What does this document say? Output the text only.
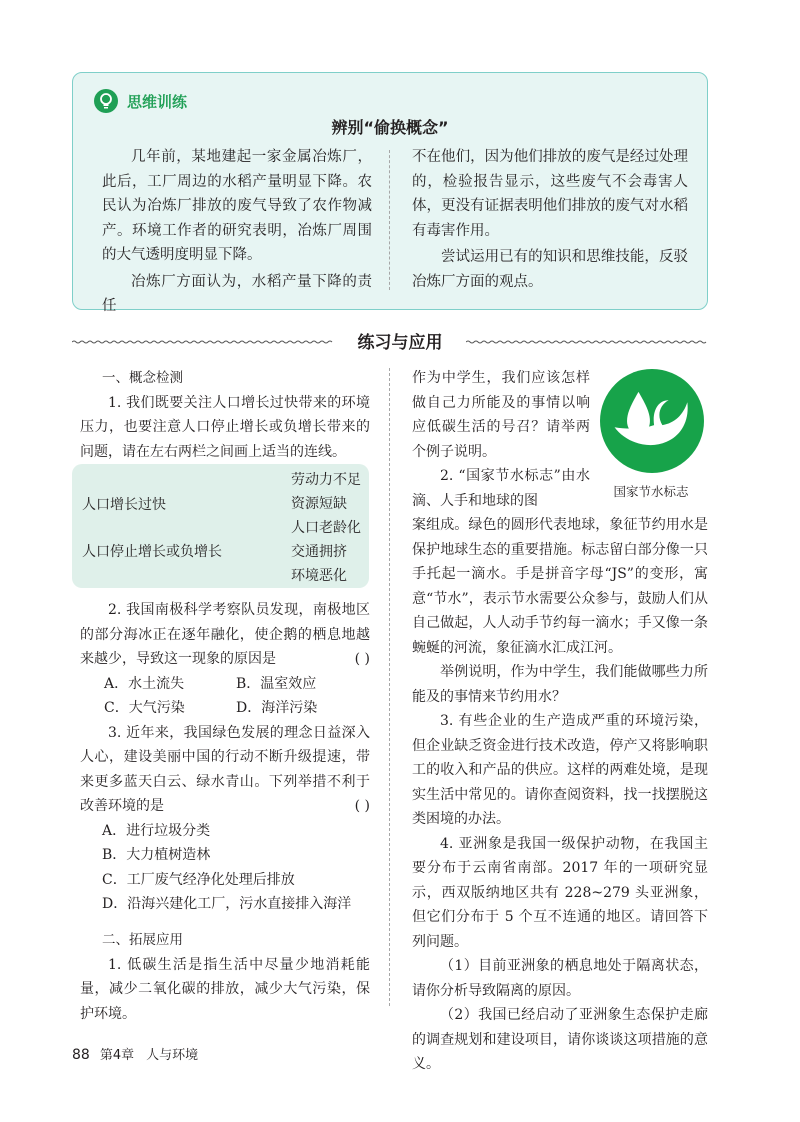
思维训练
辨别“偷换概念”

几年前，某地建起一家金属冶炼厂，此后，工厂周边的水稻产量明显下降。农民认为冶炼厂排放的废气导致了农作物减产。环境工作者的研究表明，冶炼厂周围的大气透明度明显下降。

冶炼厂方面认为，水稻产量下降的责任

不在他们，因为他们排放的废气是经过处理的，检验报告显示，这些废气不会毒害人体，更没有证据表明他们排放的废气对水稻有毒害作用。

尝试运用已有的知识和思维技能，反驳冶炼厂方面的观点。

练习与应用

一、概念检测

1. 我们既要关注人口增长过快带来的环境压力，也要注意人口停止增长或负增长带来的问题，请在左右两栏之间画上适当的连线。

人口增长过快
人口停止增长或负增长
劳动力不足
资源短缺
人口老龄化
交通拥挤
环境恶化

2. 我国南极科学考察队员发现，南极地区的部分海冰正在逐年融化，使企鹅的栖息地越来越少，导致这一现象的原因是	( )

A．水土流失	B．温室效应
C．大气污染	D．海洋污染

3. 近年来，我国绿色发展的理念日益深入人心，建设美丽中国的行动不断升级提速，带来更多蓝天白云、绿水青山。下列举措不利于改善环境的是	( )

A．进行垃圾分类

B．大力植树造林

C．工厂废气经净化处理后排放

D．沿海兴建化工厂，污水直接排入海洋

二、拓展应用

1. 低碳生活是指生活中尽量少地消耗能量，减少二氧化碳的排放，减少大气污染，保护环境。

作为中学生，我们应该怎样做自己力所能及的事情以响应低碳生活的号召？请举两个例子说明。

2. “国家节水标志”由水滴、人手和地球的图

国家节水标志

案组成。绿色的圆形代表地球，象征节约用水是保护地球生态的重要措施。标志留白部分像一只手托起一滴水。手是拼音字母“JS”的变形，寓意“节水”，表示节水需要公众参与，鼓励人们从自己做起，人人动手节约每一滴水；手又像一条蜿蜒的河流，象征滴水汇成江河。

举例说明，作为中学生，我们能做哪些力所能及的事情来节约用水？

3. 有些企业的生产造成严重的环境污染，但企业缺乏资金进行技术改造，停产又将影响职工的收入和产品的供应。这样的两难处境，是现实生活中常见的。请你查阅资料，找一找摆脱这类困境的办法。

4. 亚洲象是我国一级保护动物，在我国主要分布于云南省南部。2017 年的一项研究显示，西双版纳地区共有 228~279 头亚洲象，但它们分布于 5 个互不连通的地区。请回答下列问题。

（1）目前亚洲象的栖息地处于隔离状态，请你分析导致隔离的原因。

（2）我国已经启动了亚洲象生态保护走廊的调查规划和建设项目，请你谈谈这项措施的意义。

88 第4章 人与环境
